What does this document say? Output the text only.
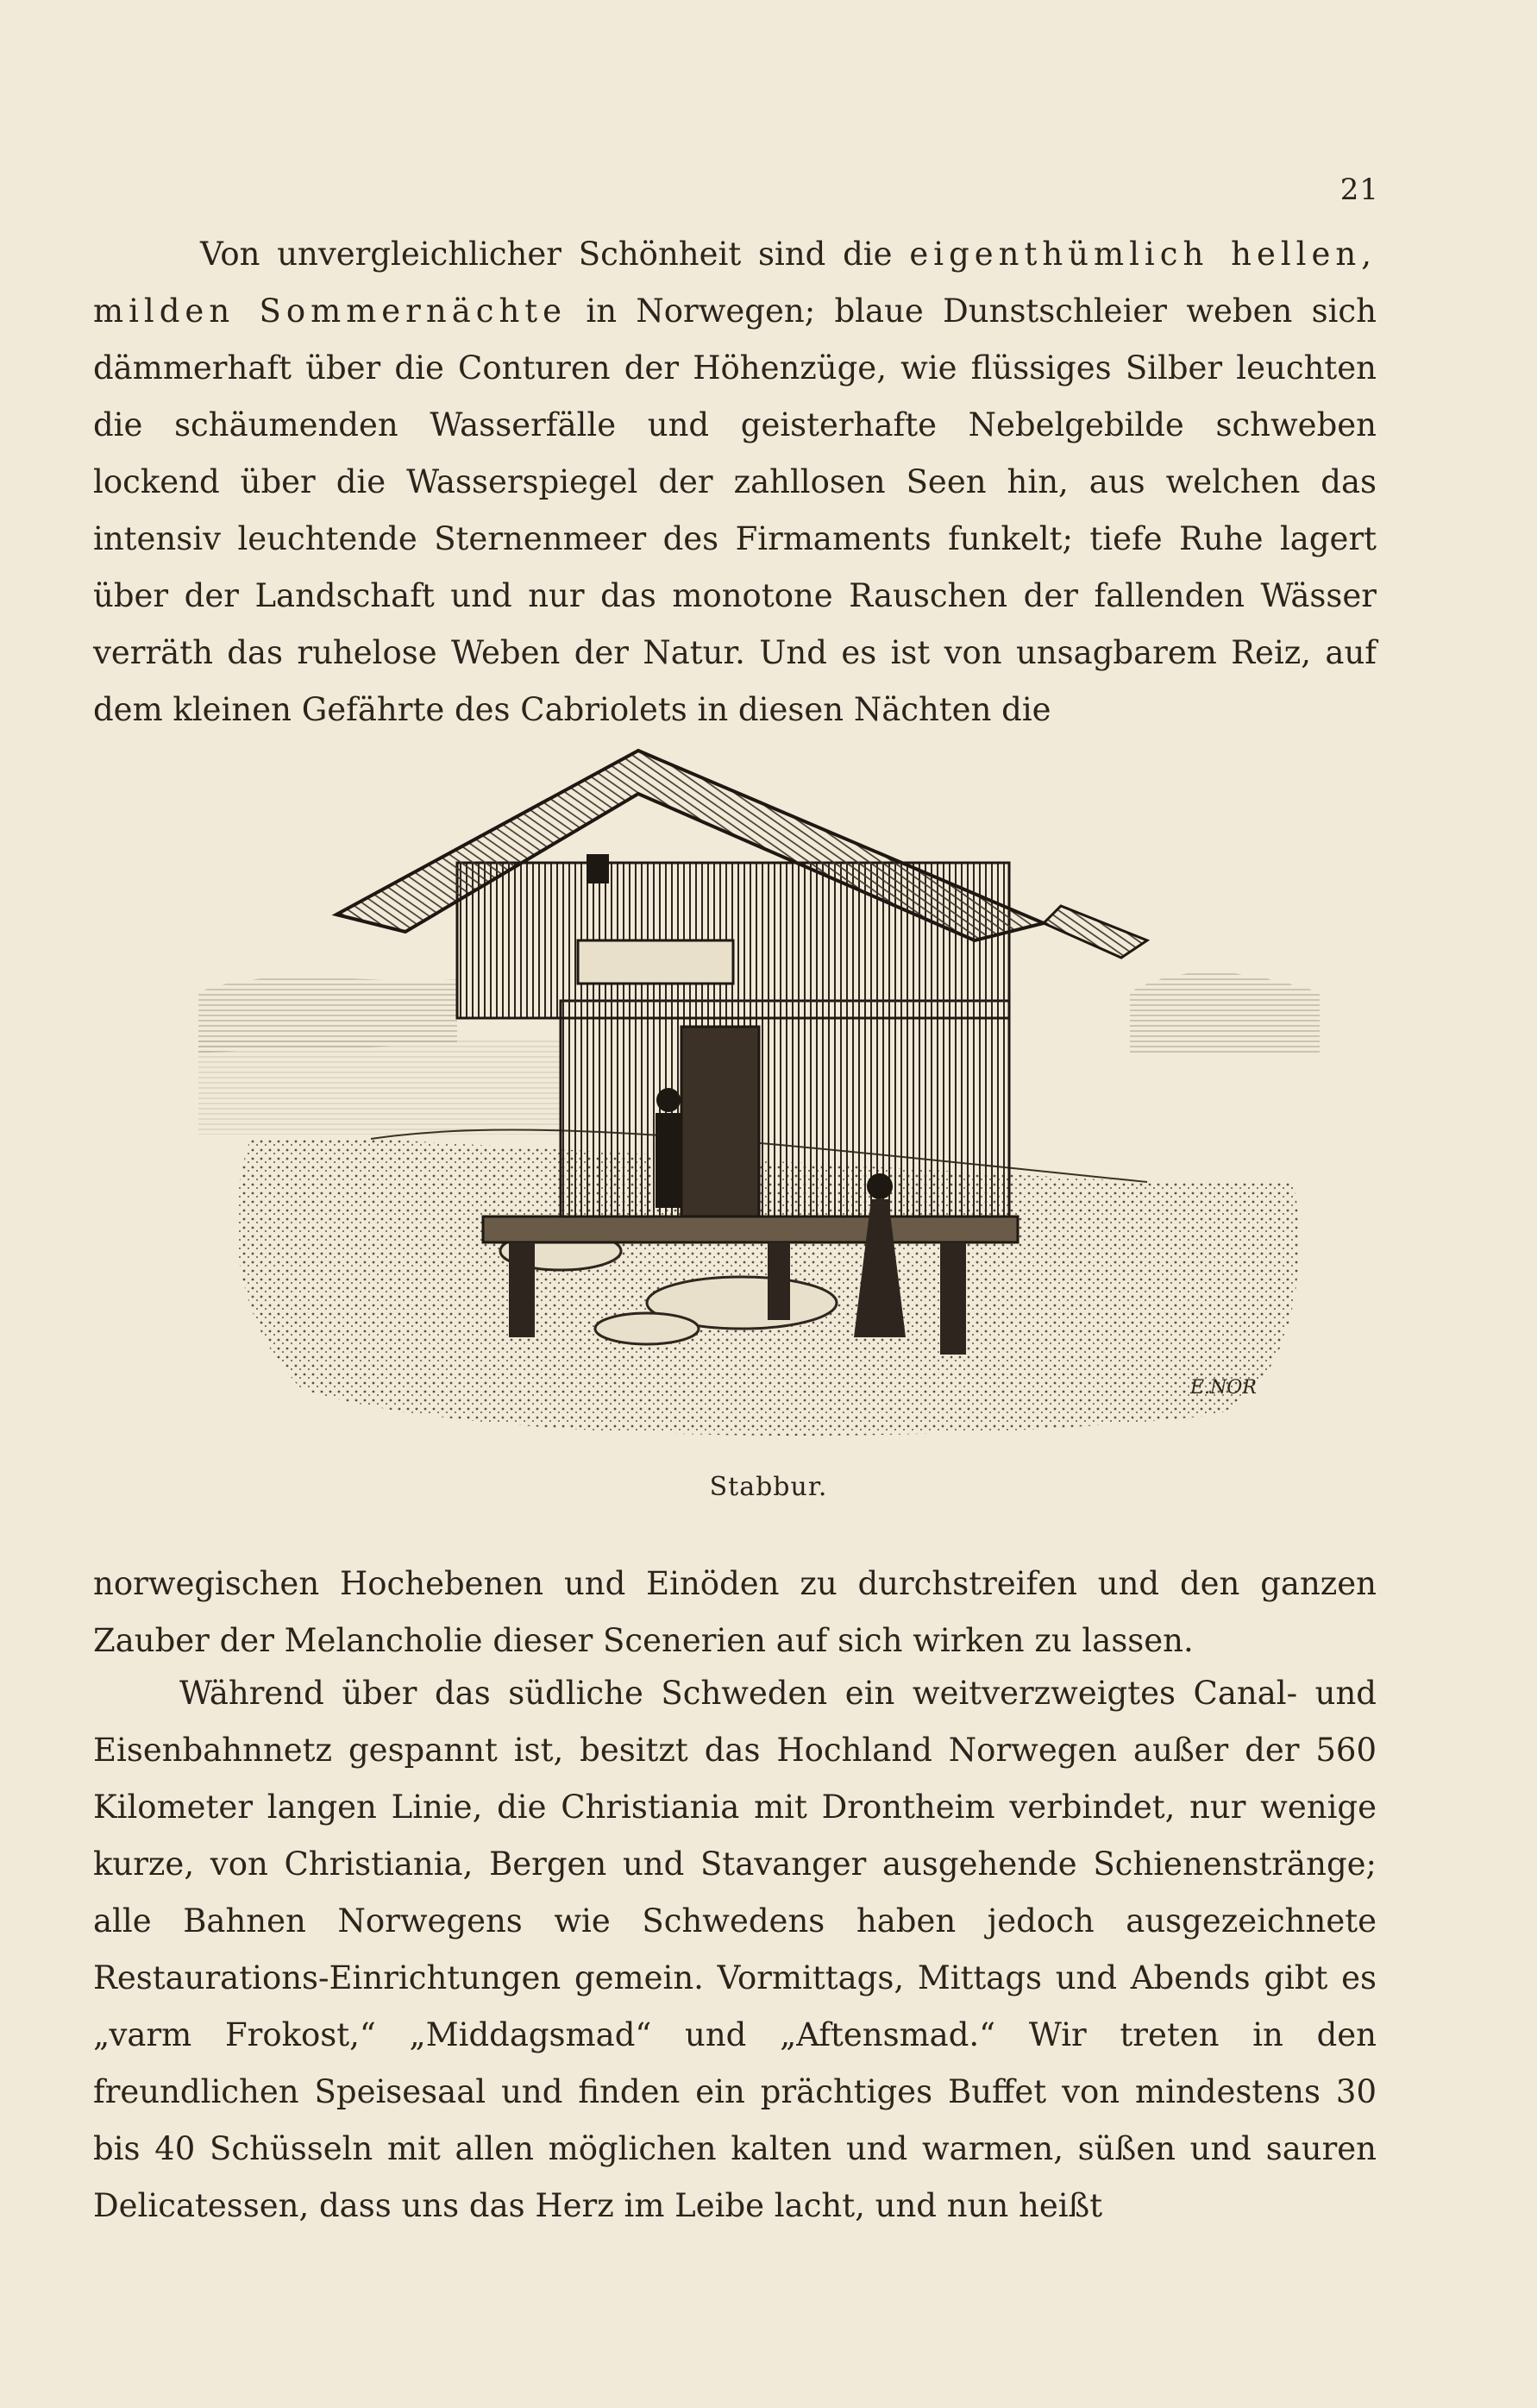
21

Von unvergleichlicher Schönheit sind die eigenthümlich hellen, milden Sommernächte in Norwegen; blaue Dunstschleier weben sich dämmerhaft über die Conturen der Höhenzüge, wie flüssiges Silber leuchten die schäumenden Wasserfälle und geisterhafte Nebelgebilde schweben lockend über die Wasserspiegel der zahllosen Seen hin, aus welchen das intensiv leuchtende Sternenmeer des Firmaments funkelt; tiefe Ruhe lagert über der Landschaft und nur das monotone Rauschen der fallenden Wässer verräth das ruhelose Weben der Natur. Und es ist von unsagbarem Reiz, auf dem kleinen Gefährte des Cabriolets in diesen Nächten die

E.NOR
Stabbur.

norwegischen Hochebenen und Einöden zu durchstreifen und den ganzen Zauber der Melancholie dieser Scenerien auf sich wirken zu lassen.

Während über das südliche Schweden ein weitverzweigtes Canal- und Eisenbahnnetz gespannt ist, besitzt das Hochland Norwegen außer der 560 Kilometer langen Linie, die Christiania mit Drontheim verbindet, nur wenige kurze, von Christiania, Bergen und Stavanger ausgehende Schienenstränge; alle Bahnen Norwegens wie Schwedens haben jedoch ausgezeichnete Restaurations-Einrichtungen gemein. Vormittags, Mittags und Abends gibt es „varm Frokost,“ „Middagsmad“ und „Aftensmad.“ Wir treten in den freundlichen Speisesaal und finden ein prächtiges Buffet von mindestens 30 bis 40 Schüsseln mit allen möglichen kalten und warmen, süßen und sauren Delicatessen, dass uns das Herz im Leibe lacht, und nun heißt
